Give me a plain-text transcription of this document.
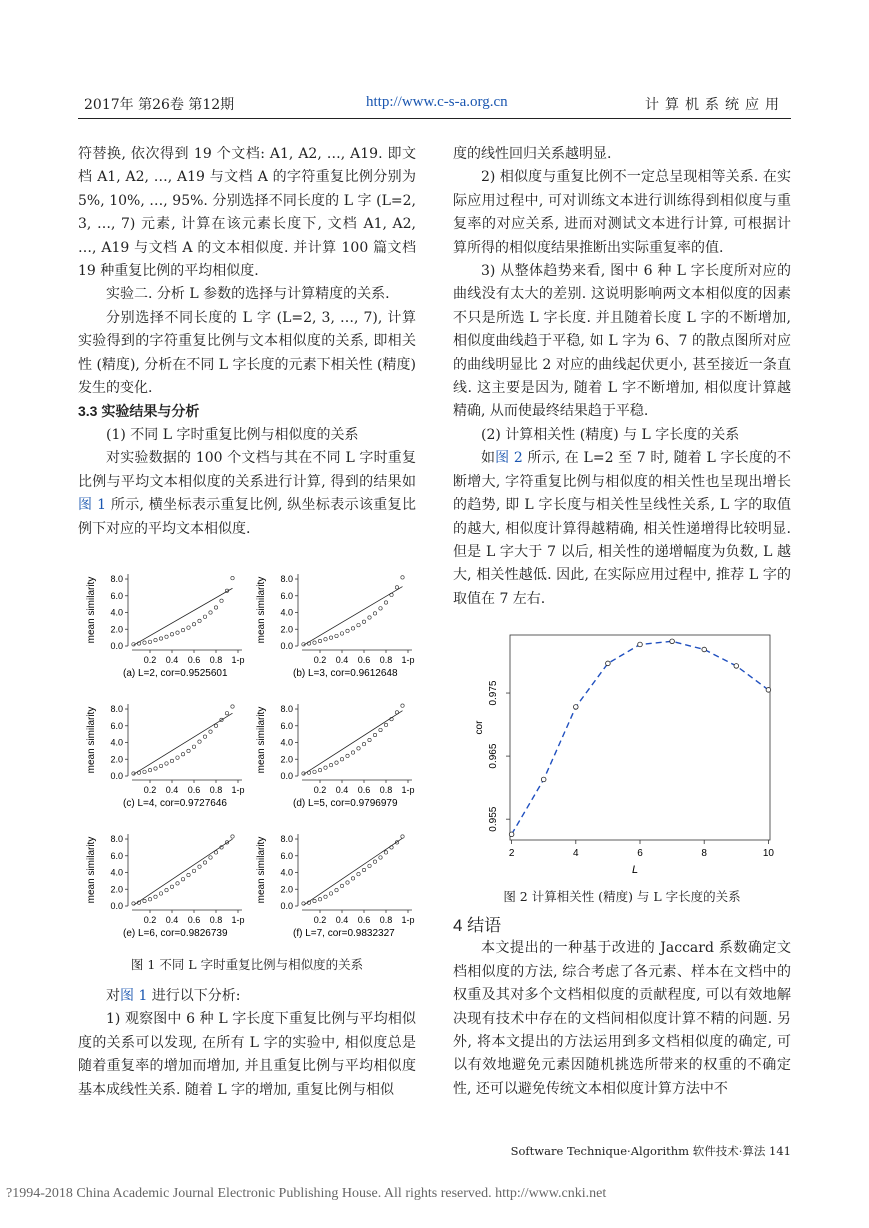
2017年 第26卷 第12期	http://www.c-s-a.org.cn	计算机系统应用

符替换, 依次得到 19 个文档: A1, A2, …, A19. 即文档 A1, A2, …, A19 与文档 A 的字符重复比例分别为 5%, 10%, …, 95%. 分别选择不同长度的 L 字 (L=2, 3, …, 7) 元素, 计算在该元素长度下, 文档 A1, A2, …, A19 与文档 A 的文本相似度. 并计算 100 篇文档 19 种重复比例的平均相似度.

实验二. 分析 L 参数的选择与计算精度的关系.

分别选择不同长度的 L 字 (L=2, 3, …, 7), 计算实验得到的字符重复比例与文本相似度的关系, 即相关性 (精度), 分析在不同 L 字长度的元素下相关性 (精度) 发生的变化.

3.3 实验结果与分析

(1) 不同 L 字时重复比例与相似度的关系

对实验数据的 100 个文档与其在不同 L 字时重复比例与平均文本相似度的关系进行计算, 得到的结果如图 1 所示, 横坐标表示重复比例, 纵坐标表示该重复比例下对应的平均文本相似度.

mean similarity
0.0
2.0
4.0
6.0
8.0
0.2 0.4 0.6 0.8 1-p
(a) L=2, cor=0.9525601
mean similarity
0.0
2.0
4.0
6.0
8.0
0.2 0.4 0.6 0.8 1-p
(b) L=3, cor=0.9612648
mean similarity
0.0
2.0
4.0
6.0
8.0
0.2 0.4 0.6 0.8 1-p
(c) L=4, cor=0.9727646
mean similarity
0.0
2.0
4.0
6.0
8.0
0.2 0.4 0.6 0.8 1-p
(d) L=5, cor=0.9796979
mean similarity
0.0
2.0
4.0
6.0
8.0
0.2 0.4 0.6 0.8 1-p
(e) L=6, cor=0.9826739
mean similarity
0.0
2.0
4.0
6.0
8.0
0.2 0.4 0.6 0.8 1-p
(f) L=7, cor=0.9832327
图 1 不同 L 字时重复比例与相似度的关系

对图 1 进行以下分析:

1) 观察图中 6 种 L 字长度下重复比例与平均相似度的关系可以发现, 在所有 L 字的实验中, 相似度总是随着重复率的增加而增加, 并且重复比例与平均相似度基本成线性关系. 随着 L 字的增加, 重复比例与相似

度的线性回归关系越明显.

2) 相似度与重复比例不一定总呈现相等关系. 在实际应用过程中, 可对训练文本进行训练得到相似度与重复率的对应关系, 进而对测试文本进行计算, 可根据计算所得的相似度结果推断出实际重复率的值.

3) 从整体趋势来看, 图中 6 种 L 字长度所对应的曲线没有太大的差别. 这说明影响两文本相似度的因素不只是所选 L 字长度. 并且随着长度 L 字的不断增加, 相似度曲线趋于平稳, 如 L 字为 6、7 的散点图所对应的曲线明显比 2 对应的曲线起伏更小, 甚至接近一条直线. 这主要是因为, 随着 L 字不断增加, 相似度计算越精确, 从而使最终结果趋于平稳.

(2) 计算相关性 (精度) 与 L 字长度的关系

如图 2 所示, 在 L=2 至 7 时, 随着 L 字长度的不断增大, 字符重复比例与相似度的相关性也呈现出增长的趋势, 即 L 字长度与相关性呈线性关系, L 字的取值的越大, 相似度计算得越精确, 相关性递增得比较明显. 但是 L 字大于 7 以后, 相关性的递增幅度为负数, L 越大, 相关性越低. 因此, 在实际应用过程中, 推荐 L 字的取值在 7 左右.

2	4	6	8	10
0.955
0.965
0.975
L
cor
图 2 计算相关性 (精度) 与 L 字长度的关系

4 结语

本文提出的一种基于改进的 Jaccard 系数确定文档相似度的方法, 综合考虑了各元素、样本在文档中的权重及其对多个文档相似度的贡献程度, 可以有效地解决现有技术中存在的文档间相似度计算不精的问题. 另外, 将本文提出的方法运用到多文档相似度的确定, 可以有效地避免元素因随机挑选所带来的权重的不确定性, 还可以避免传统文本相似度计算方法中不

Software Technique·Algorithm 软件技术·算法 141
?1994-2018 China Academic Journal Electronic Publishing House. All rights reserved. http://www.cnki.net
